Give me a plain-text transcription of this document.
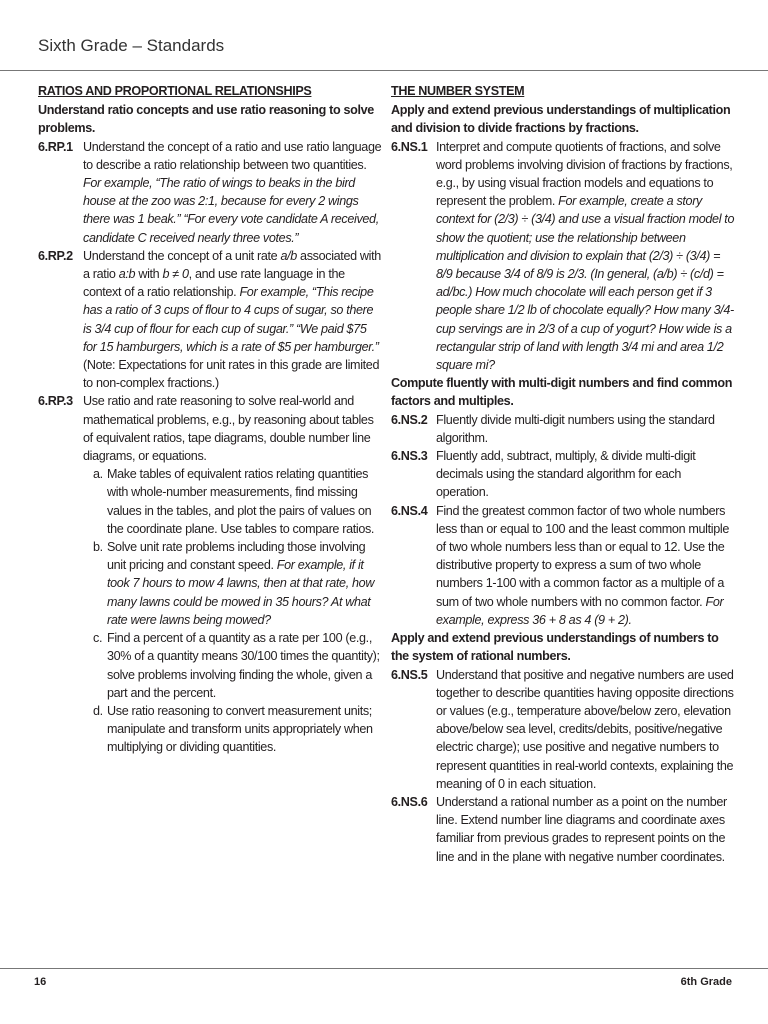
Sixth Grade – Standards
RATIOS AND PROPORTIONAL RELATIONSHIPS
Understand ratio concepts and use ratio reasoning to solve problems.
6.RP.1 Understand the concept of a ratio and use ratio language to describe a ratio relationship between two quantities. For example, “The ratio of wings to beaks in the bird house at the zoo was 2:1, because for every 2 wings there was 1 beak.” “For every vote candidate A received, candidate C received nearly three votes.”
6.RP.2 Understand the concept of a unit rate a/b associated with a ratio a:b with b ≠ 0, and use rate language in the context of a ratio relationship. For example, “This recipe has a ratio of 3 cups of flour to 4 cups of sugar, so there is 3/4 cup of flour for each cup of sugar.” “We paid $75 for 15 hamburgers, which is a rate of $5 per hamburger.” (Note: Expectations for unit rates in this grade are limited to non-complex fractions.)
6.RP.3 Use ratio and rate reasoning to solve real-world and mathematical problems, e.g., by reasoning about tables of equivalent ratios, tape diagrams, double number line diagrams, or equations.
a. Make tables of equivalent ratios relating quantities with whole-number measurements, find missing values in the tables, and plot the pairs of values on the coordinate plane. Use tables to compare ratios.
b. Solve unit rate problems including those involving unit pricing and constant speed. For example, if it took 7 hours to mow 4 lawns, then at that rate, how many lawns could be mowed in 35 hours? At what rate were lawns being mowed?
c. Find a percent of a quantity as a rate per 100 (e.g., 30% of a quantity means 30/100 times the quantity); solve problems involving finding the whole, given a part and the percent.
d. Use ratio reasoning to convert measurement units; manipulate and transform units appropriately when multiplying or dividing quantities.
THE NUMBER SYSTEM
Apply and extend previous understandings of multiplication and division to divide fractions by fractions.
6.NS.1 Interpret and compute quotients of fractions, and solve word problems involving division of fractions by fractions, e.g., by using visual fraction models and equations to represent the problem. For example, create a story context for (2/3) ÷ (3/4) and use a visual fraction model to show the quotient; use the relationship between multiplication and division to explain that (2/3) ÷ (3/4) = 8/9 because 3/4 of 8/9 is 2/3. (In general, (a/b) ÷ (c/d) = ad/bc.) How much chocolate will each person get if 3 people share 1/2 lb of chocolate equally? How many 3/4-cup servings are in 2/3 of a cup of yogurt? How wide is a rectangular strip of land with length 3/4 mi and area 1/2 square mi?
Compute fluently with multi-digit numbers and find common factors and multiples.
6.NS.2 Fluently divide multi-digit numbers using the standard algorithm.
6.NS.3 Fluently add, subtract, multiply, & divide multi-digit decimals using the standard algorithm for each operation.
6.NS.4 Find the greatest common factor of two whole numbers less than or equal to 100 and the least common multiple of two whole numbers less than or equal to 12. Use the distributive property to express a sum of two whole numbers 1-100 with a common factor as a multiple of a sum of two whole numbers with no common factor. For example, express 36 + 8 as 4 (9 + 2).
Apply and extend previous understandings of numbers to the system of rational numbers.
6.NS.5 Understand that positive and negative numbers are used together to describe quantities having opposite directions or values (e.g., temperature above/below zero, elevation above/below sea level, credits/debits, positive/negative electric charge); use positive and negative numbers to represent quantities in real-world contexts, explaining the meaning of 0 in each situation.
6.NS.6 Understand a rational number as a point on the number line. Extend number line diagrams and coordinate axes familiar from previous grades to represent points on the line and in the plane with negative number coordinates.
16	6th Grade
